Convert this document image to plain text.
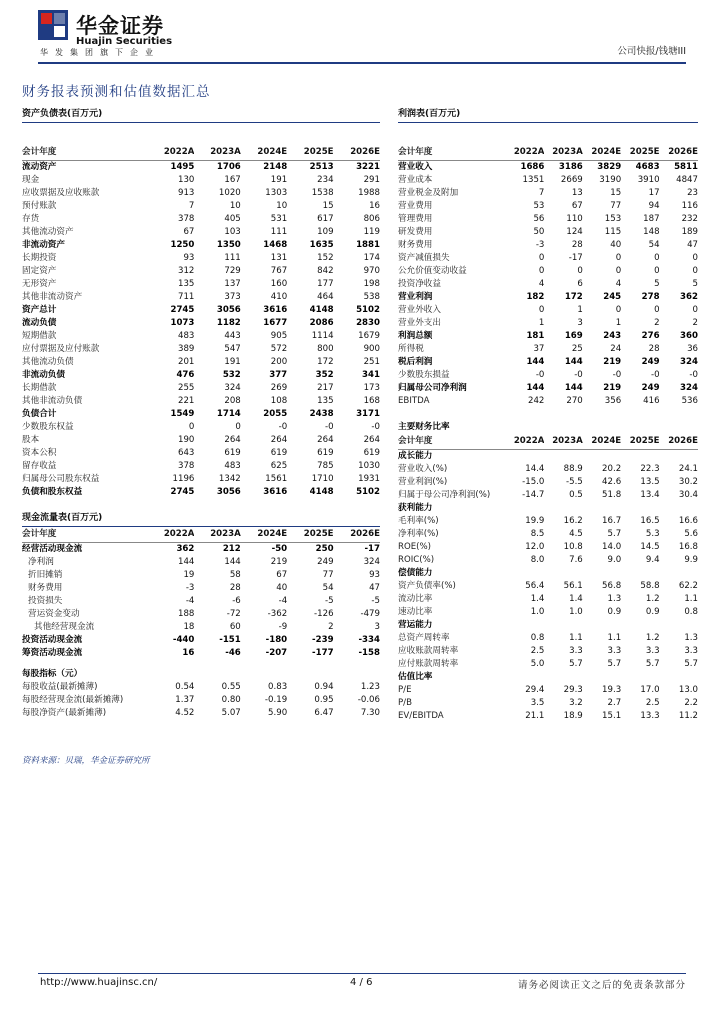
华金证券
Huajin Securities
华发集团旗下企业	公司快报/钱塘III
财务报表预测和估值数据汇总
资产负债表(百万元)
会计年度	2022A	2023A	2024E	2025E	2026E
流动资产	1495	1706	2148	2513	3221
现金	130	167	191	234	291
应收票据及应收账款	913	1020	1303	1538	1988
预付账款	7	10	10	15	16
存货	378	405	531	617	806
其他流动资产	67	103	111	109	119
非流动资产	1250	1350	1468	1635	1881
长期投资	93	111	131	152	174
固定资产	312	729	767	842	970
无形资产	135	137	160	177	198
其他非流动资产	711	373	410	464	538
资产总计	2745	3056	3616	4148	5102
流动负债	1073	1182	1677	2086	2830
短期借款	483	443	905	1114	1679
应付票据及应付账款	389	547	572	800	900
其他流动负债	201	191	200	172	251
非流动负债	476	532	377	352	341
长期借款	255	324	269	217	173
其他非流动负债	221	208	108	135	168
负债合计	1549	1714	2055	2438	3171
少数股东权益	0	0	-0	-0	-0
股本	190	264	264	264	264
资本公积	643	619	619	619	619
留存收益	378	483	625	785	1030
归属母公司股东权益	1196	1342	1561	1710	1931
负债和股东权益	2745	3056	3616	4148	5102
现金流量表(百万元)
会计年度	2022A	2023A	2024E	2025E	2026E
经营活动现金流	362	212	-50	250	-17
净利润	144	144	219	249	324
折旧摊销	19	58	67	77	93
财务费用	-3	28	40	54	47
投资损失	-4	-6	-4	-5	-5
营运资金变动	188	-72	-362	-126	-479
其他经营现金流	18	60	-9	2	3
投资活动现金流	-440	-151	-180	-239	-334
筹资活动现金流	16	-46	-207	-177	-158
每股指标（元）					
每股收益(最新摊薄)	0.54	0.55	0.83	0.94	1.23
每股经营现金流(最新摊薄)	1.37	0.80	-0.19	0.95	-0.06
每股净资产(最新摊薄)	4.52	5.07	5.90	6.47	7.30
利润表(百万元)
会计年度	2022A	2023A	2024E	2025E	2026E
营业收入	1686	3186	3829	4683	5811
营业成本	1351	2669	3190	3910	4847
营业税金及附加	7	13	15	17	23
营业费用	53	67	77	94	116
管理费用	56	110	153	187	232
研发费用	50	124	115	148	189
财务费用	-3	28	40	54	47
资产减值损失	0	-17	0	0	0
公允价值变动收益	0	0	0	0	0
投资净收益	4	6	4	5	5
营业利润	182	172	245	278	362
营业外收入	0	1	0	0	0
营业外支出	1	3	1	2	2
利润总额	181	169	243	276	360
所得税	37	25	24	28	36
税后利润	144	144	219	249	324
少数股东损益	-0	-0	-0	-0	-0
归属母公司净利润	144	144	219	249	324
EBITDA	242	270	356	416	536
主要财务比率					
会计年度	2022A	2023A	2024E	2025E	2026E
成长能力					
营业收入(%)	14.4	88.9	20.2	22.3	24.1
营业利润(%)	-15.0	-5.5	42.6	13.5	30.2
归属于母公司净利润(%)	-14.7	0.5	51.8	13.4	30.4
获利能力					
毛利率(%)	19.9	16.2	16.7	16.5	16.6
净利率(%)	8.5	4.5	5.7	5.3	5.6
ROE(%)	12.0	10.8	14.0	14.5	16.8
ROIC(%)	8.0	7.6	9.0	9.4	9.9
偿债能力					
资产负债率(%)	56.4	56.1	56.8	58.8	62.2
流动比率	1.4	1.4	1.3	1.2	1.1
速动比率	1.0	1.0	0.9	0.9	0.8
营运能力					
总资产周转率	0.8	1.1	1.1	1.2	1.3
应收账款周转率	2.5	3.3	3.3	3.3	3.3
应付账款周转率	5.0	5.7	5.7	5.7	5.7
估值比率					
P/E	29.4	29.3	19.3	17.0	13.0
P/B	3.5	3.2	2.7	2.5	2.2
EV/EBITDA	21.1	18.9	15.1	13.3	11.2
资料来源：贝瑞，华金证券研究所
http://www.huajinsc.cn/	4 / 6	请务必阅读正文之后的免责条款部分
